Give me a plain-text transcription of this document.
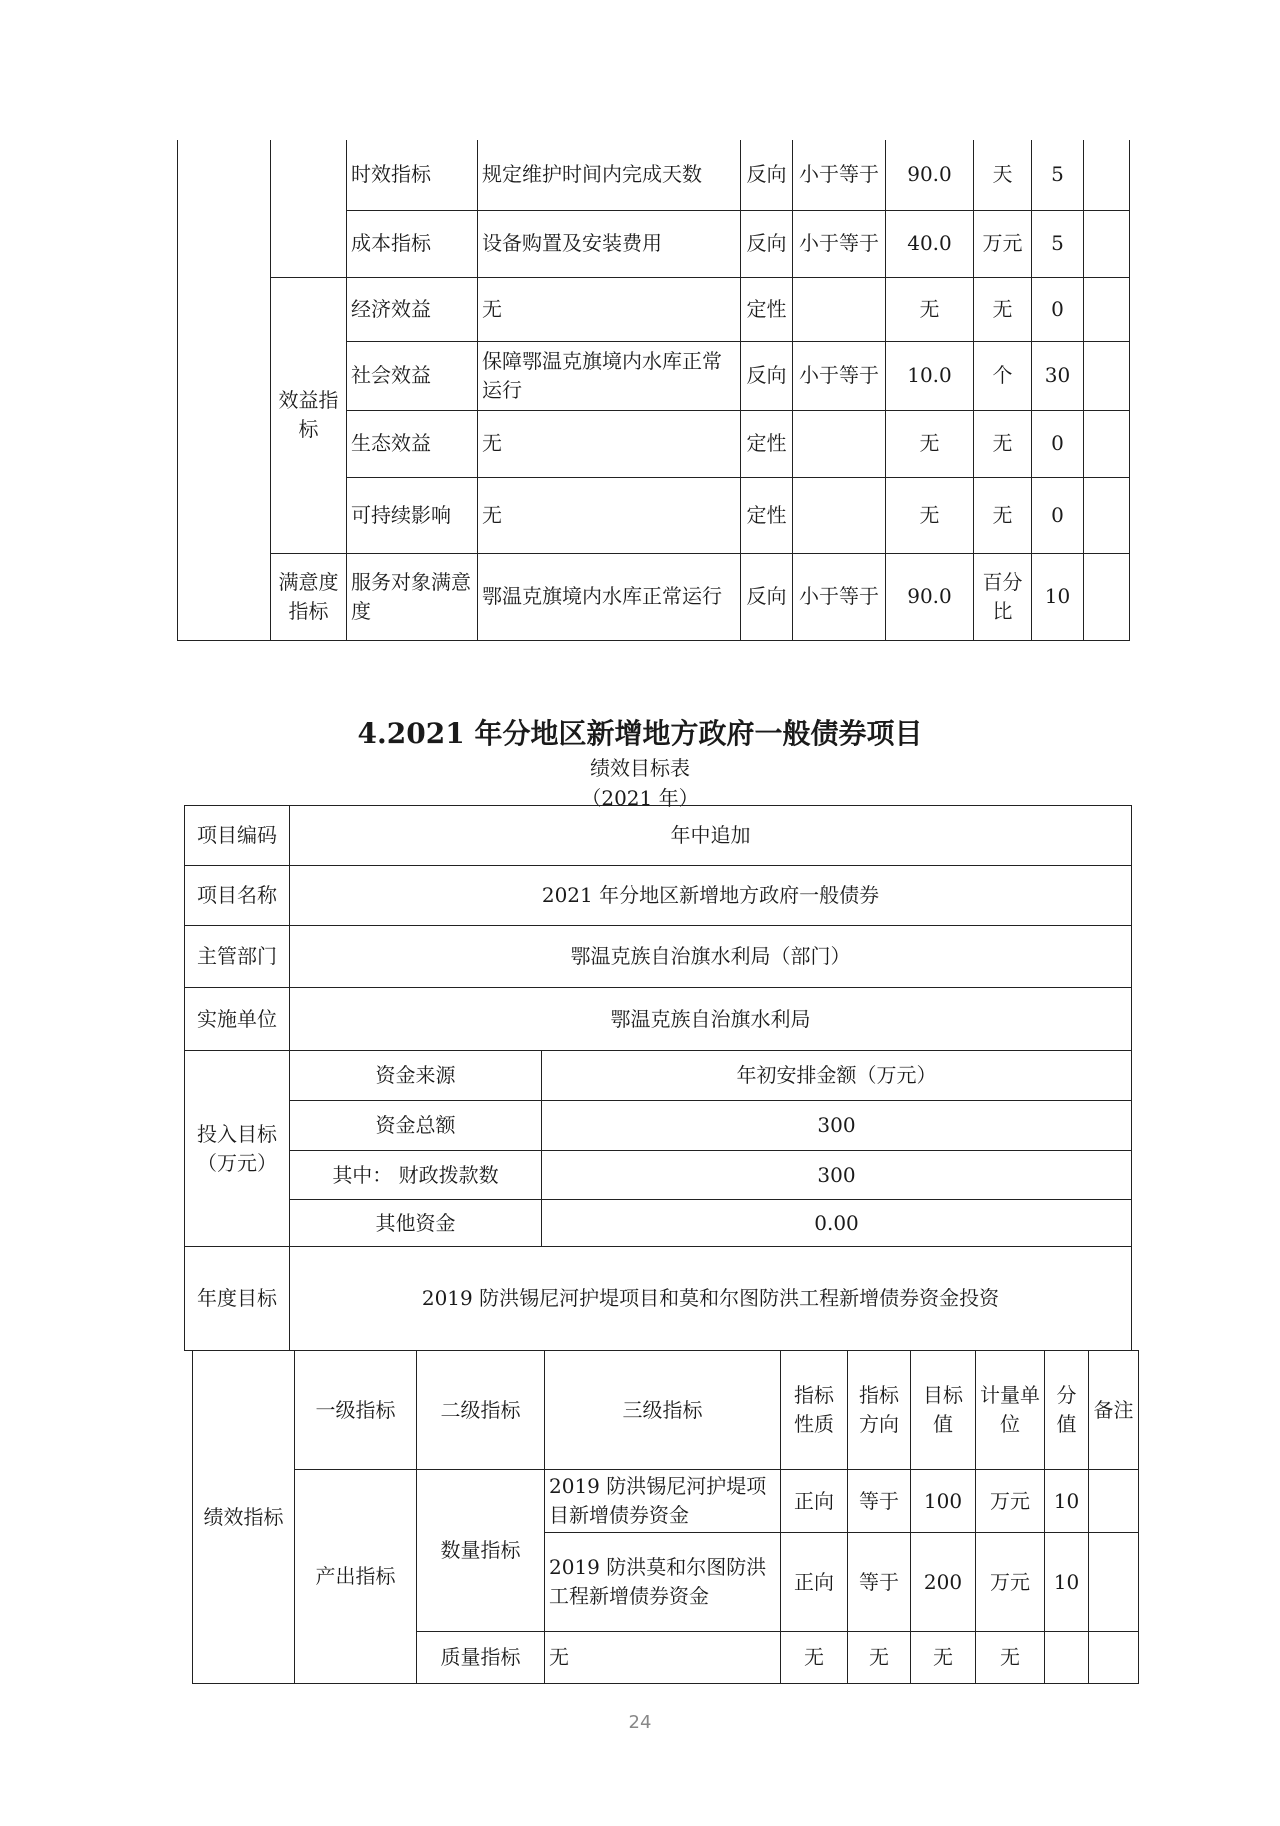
		时效指标	规定维护时间内完成天数	反向	小于等于	90.0	天	5	
		成本指标	设备购置及安装费用	反向	小于等于	40.0	万元	5	
	效益指标	经济效益	无	定性		无	无	0	
		社会效益	保障鄂温克旗境内水库正常运行	反向	小于等于	10.0	个	30	
		生态效益	无	定性		无	无	0	
		可持续影响	无	定性		无	无	0	
	满意度指标	服务对象满意度	鄂温克旗境内水库正常运行	反向	小于等于	90.0	百分比	10	
4.2021 年分地区新增地方政府一般债券项目
绩效目标表
（2021 年）
项目编码	年中追加	
项目名称	2021 年分地区新增地方政府一般债券	
主管部门	鄂温克族自治旗水利局（部门）	
实施单位	鄂温克族自治旗水利局	
投入目标（万元）	资金来源	年初安排金额（万元）
	资金总额	300
	其中： 财政拨款数	300
	其他资金	0.00
年度目标	2019 防洪锡尼河护堤项目和莫和尔图防洪工程新增债券资金投资	
绩效指标	一级指标	二级指标	三级指标	指标性质	指标方向	目标值	计量单位	分值	备注
	产出指标	数量指标	2019 防洪锡尼河护堤项目新增债券资金	正向	等于	100	万元	10	
			2019 防洪莫和尔图防洪工程新增债券资金	正向	等于	200	万元	10	
		质量指标	无	无	无	无	无		
24
